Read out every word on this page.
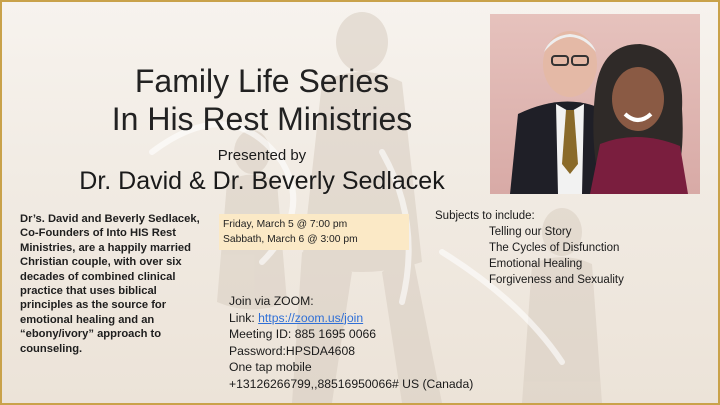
Family Life Series
In His Rest Ministries
Presented by
Dr. David & Dr. Beverly Sedlacek

Dr’s. David and Beverly Sedlacek, Co-Founders of Into HIS Rest Ministries, are a happily married Christian couple, with over six decades of combined clinical practice that uses biblical principles as the source for emotional healing and an “ebony/ivory” approach to counseling.

Friday, March 5 @ 7:00 pm
Sabbath, March 6 @ 3:00 pm
Subjects to include:
Telling our Story
The Cycles of Disfunction
Emotional Healing
Forgiveness and Sexuality
Join via ZOOM:
Link: https://zoom.us/join
Meeting ID: 885 1695 0066
Password:HPSDA4608
One tap mobile
+13126266799,,88516950066# US (Canada)
